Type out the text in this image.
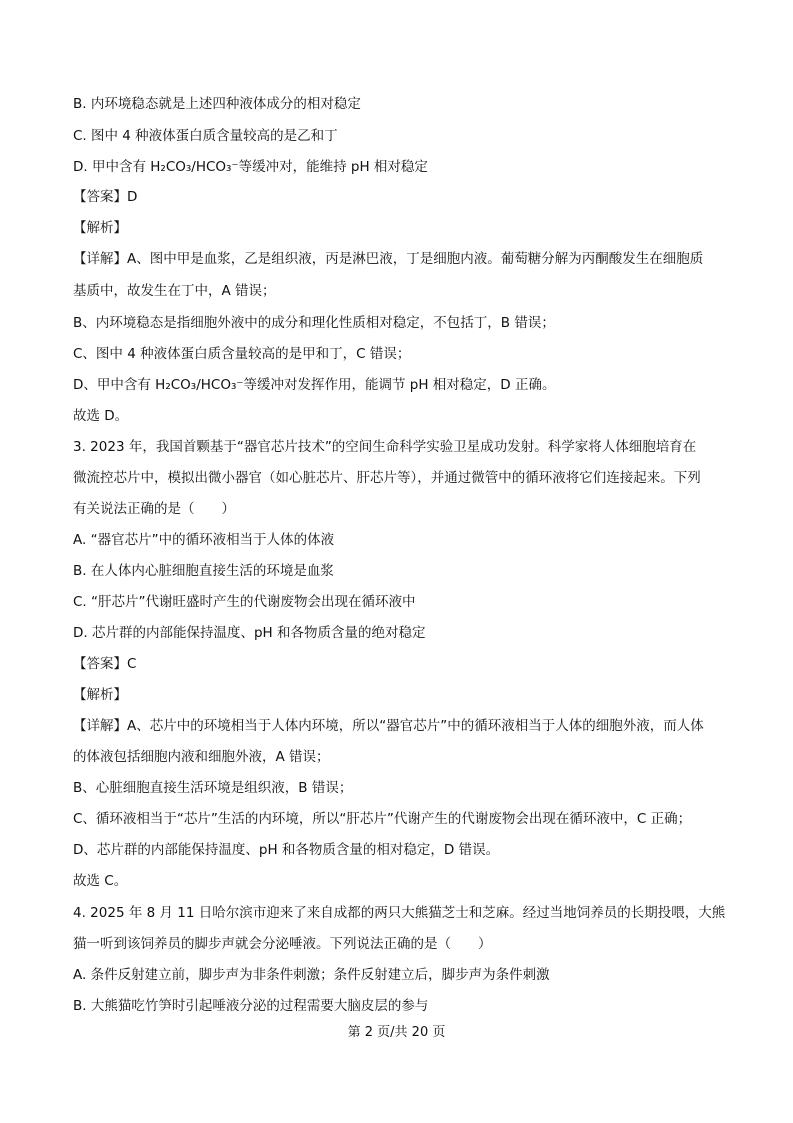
B. 内环境稳态就是上述四种液体成分的相对稳定
C. 图中 4 种液体蛋白质含量较高的是乙和丁
D. 甲中含有 H₂CO₃/HCO₃⁻等缓冲对，能维持 pH 相对稳定
【答案】D
【解析】
【详解】A、图中甲是血浆，乙是组织液，丙是淋巴液，丁是细胞内液。葡萄糖分解为丙酮酸发生在细胞质
基质中，故发生在丁中，A 错误；
B、内环境稳态是指细胞外液中的成分和理化性质相对稳定，不包括丁，B 错误；
C、图中 4 种液体蛋白质含量较高的是甲和丁，C 错误；
D、甲中含有 H₂CO₃/HCO₃⁻等缓冲对发挥作用，能调节 pH 相对稳定，D 正确。
故选 D。
3. 2023 年，我国首颗基于“器官芯片技术”的空间生命科学实验卫星成功发射。科学家将人体细胞培育在
微流控芯片中，模拟出微小器官（如心脏芯片、肝芯片等），并通过微管中的循环液将它们连接起来。下列
有关说法正确的是（　　）
A. “器官芯片”中的循环液相当于人体的体液
B. 在人体内心脏细胞直接生活的环境是血浆
C. “肝芯片”代谢旺盛时产生的代谢废物会出现在循环液中
D. 芯片群的内部能保持温度、pH 和各物质含量的绝对稳定
【答案】C
【解析】
【详解】A、芯片中的环境相当于人体内环境，所以“器官芯片”中的循环液相当于人体的细胞外液，而人体
的体液包括细胞内液和细胞外液，A 错误；
B、心脏细胞直接生活环境是组织液，B 错误；
C、循环液相当于“芯片”生活的内环境，所以“肝芯片”代谢产生的代谢废物会出现在循环液中，C 正确；
D、芯片群的内部能保持温度、pH 和各物质含量的相对稳定，D 错误。
故选 C。
4. 2025 年 8 月 11 日哈尔滨市迎来了来自成都的两只大熊猫芝士和芝麻。经过当地饲养员的长期投喂，大熊
猫一听到该饲养员的脚步声就会分泌唾液。下列说法正确的是（　　）
A. 条件反射建立前，脚步声为非条件刺激；条件反射建立后，脚步声为条件刺激
B. 大熊猫吃竹笋时引起唾液分泌的过程需要大脑皮层的参与
第 2 页/共 20 页
